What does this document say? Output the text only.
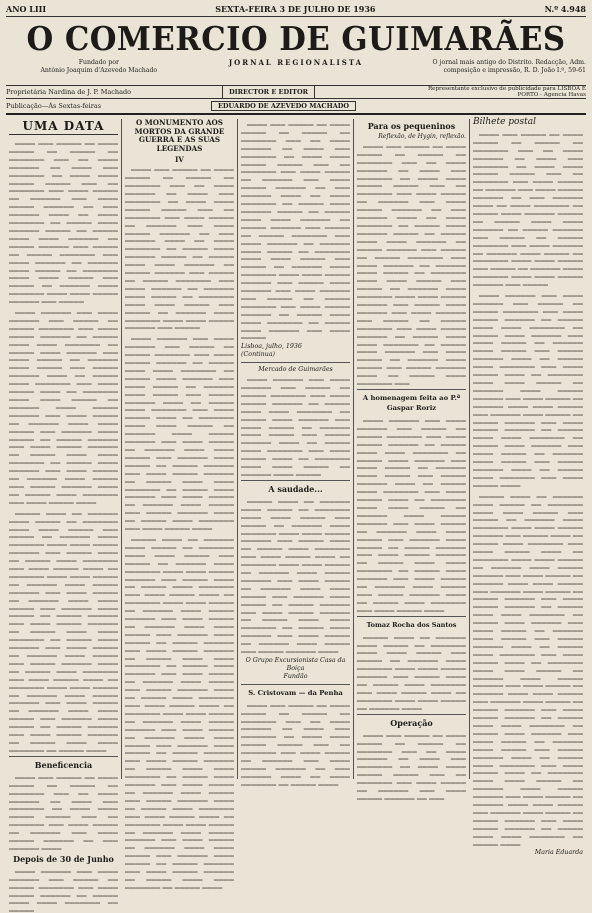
ANO LIII	SEXTA-FEIRA 3 DE JULHO DE 1936	N.º 4.948
O COMERCIO DE GUIMARÃES
Fundado por
António Joaquim d'Azevedo Machado
JORNAL REGIONALISTA	O jornal mais antigo do Distrito. Redacção, Adm. composição e impressão, R. D. João I.º, 59-61
Proprietária Nardina de J. P. Machado	DIRECTOR E EDITOR	Representante exclusivo de publicidade para LISBOA E PORTO - Agencia Havas
Publicação—Ás Sextas-feiras	EDUARDO DE AZEVEDO MACHADO
UMA DATA

▁▁▁▁ ▁▁▁ ▁▁▁▁▁ ▁▁ ▁▁▁▁ ▁▁▁▁▁ ▁▁ ▁▁▁▁▁ ▁▁ ▁▁▁▁▁▁▁ ▁▁▁ ▁▁ ▁▁▁▁ ▁▁▁▁▁▁ ▁▁ ▁▁▁▁ ▁▁▁ ▁▁▁▁▁▁▁ ▁▁ ▁▁▁▁ ▁▁▁▁ ▁▁▁▁▁ ▁▁▁▁▁ ▁▁▁ ▁▁ ▁▁▁▁▁▁▁ ▁▁▁ ▁▁▁▁ ▁▁▁▁▁ ▁▁ ▁▁▁▁▁▁ ▁▁▁ ▁▁▁▁ ▁▁▁▁▁ ▁▁▁▁▁▁ ▁▁ ▁▁▁ ▁▁▁▁▁▁ ▁▁▁▁ ▁▁ ▁▁▁▁ ▁▁▁▁▁▁▁ ▁▁ ▁▁▁▁▁ ▁▁▁▁ ▁▁▁▁▁▁ ▁▁▁▁▁ ▁▁ ▁▁▁▁▁ ▁▁▁▁ ▁▁▁▁ ▁▁▁▁▁▁ ▁▁ ▁▁▁▁▁ ▁▁▁▁▁▁ ▁▁▁ ▁▁▁▁▁ ▁▁ ▁▁▁▁▁ ▁▁▁▁▁▁▁ ▁▁▁ ▁▁▁▁ ▁▁▁▁▁▁ ▁▁ ▁▁▁▁▁▁ ▁▁▁▁ ▁▁▁▁▁ ▁▁ ▁▁▁▁▁▁▁ ▁▁▁▁ ▁▁▁▁ ▁▁▁▁▁ ▁▁▁ ▁▁▁▁▁ ▁▁ ▁▁▁▁▁▁ ▁▁▁▁ ▁▁▁▁▁▁▁ ▁▁▁▁ ▁▁▁▁ ▁▁▁▁▁ ▁▁▁▁▁▁ ▁▁▁ ▁▁▁▁▁

▁▁▁▁ ▁▁▁▁▁▁ ▁▁▁ ▁▁▁▁ ▁▁▁▁▁▁ ▁▁▁ ▁▁▁▁▁ ▁▁ ▁▁▁▁▁ ▁▁▁▁▁▁▁ ▁▁▁ ▁▁▁▁ ▁▁▁▁▁ ▁▁▁▁▁▁ ▁▁ ▁▁▁▁▁ ▁▁▁▁ ▁▁▁▁ ▁▁▁▁▁▁▁ ▁▁ ▁▁▁▁▁ ▁▁▁▁ ▁▁▁▁▁▁ ▁▁▁ ▁▁▁▁ ▁▁▁▁▁ ▁▁ ▁▁▁▁▁▁ ▁▁▁▁ ▁▁▁▁▁ ▁▁▁ ▁▁▁▁▁ ▁▁▁▁▁▁ ▁▁▁▁ ▁▁ ▁▁▁▁▁ ▁▁▁▁ ▁▁▁▁▁▁▁ ▁▁▁ ▁▁▁▁ ▁▁▁▁▁ ▁▁▁▁ ▁▁ ▁▁▁▁▁▁▁ ▁▁▁▁ ▁▁▁▁ ▁▁▁▁▁ ▁▁ ▁▁▁▁▁▁ ▁▁▁▁ ▁▁▁▁▁ ▁▁▁▁▁▁ ▁▁▁ ▁▁▁▁ ▁▁▁▁▁ ▁▁ ▁▁▁▁▁▁ ▁▁▁▁ ▁▁▁▁ ▁▁▁▁▁ ▁▁▁ ▁▁▁▁▁▁ ▁▁▁▁ ▁▁▁▁▁ ▁▁ ▁▁▁▁▁ ▁▁▁▁▁▁ ▁▁▁ ▁▁▁▁ ▁▁▁▁▁ ▁▁▁▁▁▁ ▁▁ ▁▁▁▁▁ ▁▁▁▁ ▁▁▁▁ ▁▁▁▁▁▁▁ ▁▁ ▁▁▁▁▁ ▁▁▁▁ ▁▁▁▁▁▁ ▁▁▁ ▁▁▁▁ ▁▁▁▁▁ ▁▁ ▁▁▁▁▁▁ ▁▁▁▁ ▁▁▁▁▁ ▁▁▁ ▁▁▁▁▁ ▁▁▁▁▁▁ ▁▁▁▁ ▁▁ ▁▁▁▁▁ ▁▁▁▁ ▁▁▁▁▁▁▁ ▁▁▁ ▁▁▁▁ ▁▁▁▁▁ ▁▁▁▁

▁▁▁▁▁ ▁▁▁▁ ▁▁ ▁▁▁▁▁▁ ▁▁▁▁ ▁▁▁▁▁ ▁▁ ▁▁▁▁▁▁▁ ▁▁▁▁ ▁▁▁▁ ▁▁▁▁▁ ▁▁▁ ▁▁▁▁▁ ▁▁ ▁▁▁▁▁▁ ▁▁▁▁ ▁▁▁▁▁▁▁ ▁▁▁▁ ▁▁▁▁ ▁▁▁▁▁ ▁▁▁▁▁▁ ▁▁▁ ▁▁▁▁▁ ▁▁▁▁ ▁▁ ▁▁▁▁▁ ▁▁▁▁ ▁▁▁▁▁▁▁ ▁▁▁ ▁▁▁▁ ▁▁▁▁▁ ▁▁▁▁ ▁▁ ▁▁▁▁▁▁▁ ▁▁▁▁ ▁▁▁▁ ▁▁▁▁▁ ▁▁ ▁▁▁▁▁▁ ▁▁▁▁ ▁▁▁▁▁ ▁▁▁▁▁▁ ▁▁▁ ▁▁▁▁ ▁▁▁▁▁ ▁▁ ▁▁▁▁▁▁ ▁▁▁▁ ▁▁▁▁ ▁▁▁▁▁ ▁▁▁ ▁▁▁▁▁▁ ▁▁▁▁ ▁▁▁▁▁ ▁▁ ▁▁▁▁▁ ▁▁▁▁▁▁ ▁▁▁ ▁▁▁▁ ▁▁▁▁▁ ▁▁▁▁▁▁ ▁▁ ▁▁▁▁▁ ▁▁▁▁ ▁▁▁▁ ▁▁▁▁▁▁▁ ▁▁ ▁▁▁▁▁ ▁▁▁▁ ▁▁▁▁▁▁ ▁▁▁ ▁▁▁▁ ▁▁▁▁▁ ▁▁ ▁▁▁▁▁▁ ▁▁▁▁ ▁▁▁▁▁ ▁▁▁ ▁▁▁▁▁ ▁▁▁▁▁▁ ▁▁▁▁ ▁▁ ▁▁▁▁▁ ▁▁▁▁ ▁▁▁▁▁▁▁ ▁▁▁ ▁▁▁▁ ▁▁▁▁▁ ▁▁▁▁ ▁▁ ▁▁▁▁▁▁▁ ▁▁▁▁ ▁▁▁▁ ▁▁▁▁▁ ▁▁ ▁▁▁▁▁▁ ▁▁▁▁ ▁▁▁▁▁ ▁▁▁▁▁▁ ▁▁▁ ▁▁▁▁ ▁▁▁▁▁ ▁▁ ▁▁▁▁▁▁ ▁▁▁▁ ▁▁▁▁ ▁▁▁▁▁ ▁▁▁ ▁▁▁▁▁▁ ▁▁▁▁ ▁▁▁▁▁ ▁▁ ▁▁▁▁▁ ▁▁▁▁▁▁ ▁▁▁ ▁▁▁▁ ▁▁▁▁▁ ▁▁▁▁▁▁ ▁▁ ▁▁▁▁▁ ▁▁▁▁ ▁▁▁▁ ▁▁▁▁▁▁▁ ▁▁ ▁▁▁▁▁ ▁▁▁▁

Beneficencia

▁▁▁▁ ▁▁▁ ▁▁▁▁▁ ▁▁ ▁▁▁▁ ▁▁▁▁▁ ▁▁ ▁▁▁▁▁ ▁▁ ▁▁▁▁▁▁▁ ▁▁▁ ▁▁ ▁▁▁▁ ▁▁▁▁▁▁ ▁▁ ▁▁▁▁ ▁▁▁ ▁▁▁▁▁▁▁ ▁▁ ▁▁▁▁ ▁▁▁▁ ▁▁▁▁▁ ▁▁▁▁▁ ▁▁▁ ▁▁ ▁▁▁▁▁▁▁ ▁▁▁ ▁▁▁▁ ▁▁▁▁▁ ▁▁ ▁▁▁▁▁▁ ▁▁▁ ▁▁▁▁ ▁▁▁▁▁ ▁▁▁▁▁▁ ▁▁ ▁▁▁ ▁▁▁▁▁▁ ▁▁▁▁

Depois de 30 de Junho

▁▁▁▁ ▁▁▁▁▁▁ ▁▁▁ ▁▁▁▁ ▁▁▁▁▁▁ ▁▁▁ ▁▁▁▁▁ ▁▁ ▁▁▁▁▁ ▁▁▁▁▁▁▁ ▁▁▁ ▁▁▁▁ ▁▁▁▁▁ ▁▁▁▁▁▁ ▁▁ ▁▁▁▁▁ ▁▁▁▁ ▁▁▁▁ ▁▁▁▁▁▁▁ ▁▁ ▁▁▁▁▁

O MONUMENTO AOS MORTOS DA GRANDE GUERRA E AS SUAS LEGENDAS
IV

▁▁▁▁ ▁▁▁ ▁▁▁▁▁ ▁▁ ▁▁▁▁ ▁▁▁▁▁ ▁▁ ▁▁▁▁▁ ▁▁ ▁▁▁▁▁▁▁ ▁▁▁ ▁▁ ▁▁▁▁ ▁▁▁▁▁▁ ▁▁ ▁▁▁▁ ▁▁▁ ▁▁▁▁▁▁▁ ▁▁ ▁▁▁▁ ▁▁▁▁ ▁▁▁▁▁ ▁▁▁▁▁ ▁▁▁ ▁▁ ▁▁▁▁▁▁▁ ▁▁▁ ▁▁▁▁ ▁▁▁▁▁ ▁▁ ▁▁▁▁▁▁ ▁▁▁ ▁▁▁▁ ▁▁▁▁▁ ▁▁▁▁▁▁ ▁▁ ▁▁▁ ▁▁▁▁▁▁ ▁▁▁▁ ▁▁ ▁▁▁▁ ▁▁▁▁▁▁▁ ▁▁ ▁▁▁▁▁ ▁▁▁▁ ▁▁▁▁▁▁ ▁▁▁▁▁ ▁▁ ▁▁▁▁▁ ▁▁▁▁ ▁▁▁▁ ▁▁▁▁▁▁ ▁▁ ▁▁▁▁▁ ▁▁▁▁▁▁ ▁▁▁ ▁▁▁▁▁ ▁▁ ▁▁▁▁▁ ▁▁▁▁▁▁▁ ▁▁▁ ▁▁▁▁ ▁▁▁▁▁▁ ▁▁ ▁▁▁▁▁▁ ▁▁▁▁ ▁▁▁▁▁ ▁▁ ▁▁▁▁▁▁▁ ▁▁▁▁ ▁▁▁▁ ▁▁▁▁▁ ▁▁▁ ▁▁▁▁▁ ▁▁ ▁▁▁▁▁▁ ▁▁▁▁ ▁▁▁▁▁▁▁ ▁▁▁▁ ▁▁▁▁ ▁▁▁▁▁ ▁▁▁▁▁▁ ▁▁▁ ▁▁▁▁▁

▁▁▁▁ ▁▁▁▁▁▁ ▁▁▁ ▁▁▁▁ ▁▁▁▁▁▁ ▁▁▁ ▁▁▁▁▁ ▁▁ ▁▁▁▁▁ ▁▁▁▁▁▁▁ ▁▁▁ ▁▁▁▁ ▁▁▁▁▁ ▁▁▁▁▁▁ ▁▁ ▁▁▁▁▁ ▁▁▁▁ ▁▁▁▁ ▁▁▁▁▁▁▁ ▁▁ ▁▁▁▁▁ ▁▁▁▁ ▁▁▁▁▁▁ ▁▁▁ ▁▁▁▁ ▁▁▁▁▁ ▁▁ ▁▁▁▁▁▁ ▁▁▁▁ ▁▁▁▁▁ ▁▁▁ ▁▁▁▁▁ ▁▁▁▁▁▁ ▁▁▁▁ ▁▁ ▁▁▁▁▁ ▁▁▁▁ ▁▁▁▁▁▁▁ ▁▁▁ ▁▁▁▁ ▁▁▁▁▁ ▁▁▁▁ ▁▁ ▁▁▁▁▁▁▁ ▁▁▁▁ ▁▁▁▁ ▁▁▁▁▁ ▁▁ ▁▁▁▁▁▁ ▁▁▁▁ ▁▁▁▁▁ ▁▁▁▁▁▁ ▁▁▁ ▁▁▁▁ ▁▁▁▁▁ ▁▁ ▁▁▁▁▁▁ ▁▁▁▁ ▁▁▁▁ ▁▁▁▁▁ ▁▁▁ ▁▁▁▁▁▁ ▁▁▁▁ ▁▁▁▁▁ ▁▁ ▁▁▁▁▁ ▁▁▁▁▁▁ ▁▁▁ ▁▁▁▁ ▁▁▁▁▁ ▁▁▁▁▁▁ ▁▁ ▁▁▁▁▁ ▁▁▁▁ ▁▁▁▁ ▁▁▁▁▁▁▁ ▁▁ ▁▁▁▁▁ ▁▁▁▁ ▁▁▁▁▁▁ ▁▁▁ ▁▁▁▁ ▁▁▁▁▁ ▁▁ ▁▁▁▁▁▁ ▁▁▁▁ ▁▁▁▁▁ ▁▁▁ ▁▁▁▁▁ ▁▁▁▁▁▁ ▁▁▁▁ ▁▁ ▁▁▁▁▁ ▁▁▁▁ ▁▁▁▁▁▁▁ ▁▁▁ ▁▁▁▁ ▁▁▁▁▁ ▁▁▁▁

▁▁▁▁▁ ▁▁▁▁ ▁▁ ▁▁▁▁▁▁ ▁▁▁▁ ▁▁▁▁▁ ▁▁ ▁▁▁▁▁▁▁ ▁▁▁▁ ▁▁▁▁ ▁▁▁▁▁ ▁▁▁ ▁▁▁▁▁ ▁▁ ▁▁▁▁▁▁ ▁▁▁▁ ▁▁▁▁▁▁▁ ▁▁▁▁ ▁▁▁▁ ▁▁▁▁▁ ▁▁▁▁▁▁ ▁▁▁ ▁▁▁▁▁ ▁▁▁▁ ▁▁ ▁▁▁▁▁ ▁▁▁▁ ▁▁▁▁▁▁▁ ▁▁▁ ▁▁▁▁ ▁▁▁▁▁ ▁▁▁▁ ▁▁ ▁▁▁▁▁▁▁ ▁▁▁▁ ▁▁▁▁ ▁▁▁▁▁ ▁▁ ▁▁▁▁▁▁ ▁▁▁▁ ▁▁▁▁▁ ▁▁▁▁▁▁ ▁▁▁ ▁▁▁▁ ▁▁▁▁▁ ▁▁ ▁▁▁▁▁▁ ▁▁▁▁ ▁▁▁▁ ▁▁▁▁▁ ▁▁▁ ▁▁▁▁▁▁ ▁▁▁▁ ▁▁▁▁▁ ▁▁ ▁▁▁▁▁ ▁▁▁▁▁▁ ▁▁▁ ▁▁▁▁ ▁▁▁▁▁ ▁▁▁▁▁▁ ▁▁ ▁▁▁▁▁ ▁▁▁▁ ▁▁▁▁ ▁▁▁▁▁▁▁ ▁▁ ▁▁▁▁▁ ▁▁▁▁ ▁▁▁▁▁▁ ▁▁▁ ▁▁▁▁ ▁▁▁▁▁ ▁▁ ▁▁▁▁▁▁ ▁▁▁▁ ▁▁▁▁▁ ▁▁▁ ▁▁▁▁▁ ▁▁▁▁▁▁ ▁▁▁▁ ▁▁ ▁▁▁▁▁ ▁▁▁▁ ▁▁▁▁▁▁▁ ▁▁▁ ▁▁▁▁ ▁▁▁▁▁ ▁▁▁▁ ▁▁ ▁▁▁▁▁▁▁ ▁▁▁▁ ▁▁▁▁ ▁▁▁▁▁ ▁▁ ▁▁▁▁▁▁ ▁▁▁▁ ▁▁▁▁▁ ▁▁▁▁▁▁ ▁▁▁ ▁▁▁▁ ▁▁▁▁▁ ▁▁ ▁▁▁▁▁▁ ▁▁▁▁ ▁▁▁▁ ▁▁▁▁▁ ▁▁▁ ▁▁▁▁▁▁ ▁▁▁▁ ▁▁▁▁▁ ▁▁ ▁▁▁▁▁ ▁▁▁▁▁▁ ▁▁▁ ▁▁▁▁ ▁▁▁▁▁ ▁▁▁▁▁▁ ▁▁ ▁▁▁▁▁ ▁▁▁▁ ▁▁▁▁ ▁▁▁▁▁▁▁ ▁▁ ▁▁▁▁▁ ▁▁▁▁ ▁▁▁▁▁▁ ▁▁▁ ▁▁▁▁ ▁▁▁▁▁ ▁▁ ▁▁▁▁▁▁ ▁▁▁▁ ▁▁▁▁▁ ▁▁▁ ▁▁▁▁▁ ▁▁▁▁▁▁ ▁▁▁▁ ▁▁ ▁▁▁▁▁ ▁▁▁▁ ▁▁▁▁▁▁▁ ▁▁▁ ▁▁▁▁ ▁▁▁▁▁ ▁▁▁▁ ▁▁ ▁▁▁▁▁▁▁ ▁▁▁▁ ▁▁▁▁ ▁▁▁▁▁ ▁▁ ▁▁▁▁▁▁ ▁▁▁▁ ▁▁▁▁▁ ▁▁▁▁▁▁ ▁▁▁ ▁▁▁▁ ▁▁▁▁▁ ▁▁ ▁▁▁▁▁▁ ▁▁▁▁ ▁▁▁▁ ▁▁▁▁▁ ▁▁▁ ▁▁▁▁▁▁ ▁▁▁▁ ▁▁▁▁▁ ▁▁ ▁▁▁▁▁ ▁▁▁▁▁▁ ▁▁▁ ▁▁▁▁ ▁▁▁▁▁ ▁▁▁▁▁▁ ▁▁ ▁▁▁▁▁ ▁▁▁▁ ▁▁▁▁ ▁▁▁▁▁▁▁ ▁▁ ▁▁▁▁▁ ▁▁▁▁

▁▁▁▁ ▁▁▁ ▁▁▁▁▁ ▁▁ ▁▁▁▁ ▁▁▁▁▁ ▁▁ ▁▁▁▁▁ ▁▁ ▁▁▁▁▁▁▁ ▁▁▁ ▁▁ ▁▁▁▁ ▁▁▁▁▁▁ ▁▁ ▁▁▁▁ ▁▁▁ ▁▁▁▁▁▁▁ ▁▁ ▁▁▁▁ ▁▁▁▁ ▁▁▁▁▁ ▁▁▁▁▁ ▁▁▁ ▁▁ ▁▁▁▁▁▁▁ ▁▁▁ ▁▁▁▁ ▁▁▁▁▁ ▁▁ ▁▁▁▁▁▁ ▁▁▁ ▁▁▁▁ ▁▁▁▁▁ ▁▁▁▁▁▁ ▁▁ ▁▁▁ ▁▁▁▁▁▁ ▁▁▁▁ ▁▁ ▁▁▁▁ ▁▁▁▁▁▁▁ ▁▁ ▁▁▁▁▁ ▁▁▁▁ ▁▁▁▁▁▁ ▁▁▁▁▁ ▁▁ ▁▁▁▁▁ ▁▁▁▁ ▁▁▁▁ ▁▁▁▁▁▁ ▁▁ ▁▁▁▁▁ ▁▁▁▁▁▁ ▁▁▁ ▁▁▁▁▁ ▁▁ ▁▁▁▁▁ ▁▁▁▁▁▁▁ ▁▁▁ ▁▁▁▁ ▁▁▁▁▁▁ ▁▁ ▁▁▁▁▁▁ ▁▁▁▁ ▁▁▁▁▁ ▁▁ ▁▁▁▁▁▁▁ ▁▁▁▁ ▁▁▁▁ ▁▁▁▁▁ ▁▁▁ ▁▁▁▁▁ ▁▁ ▁▁▁▁▁▁ ▁▁▁▁ ▁▁▁▁▁▁▁ ▁▁▁▁ ▁▁▁▁ ▁▁▁▁▁ ▁▁▁▁▁▁ ▁▁▁ ▁▁▁▁▁ ▁▁▁▁ ▁▁▁▁▁▁ ▁▁▁ ▁▁▁▁ ▁▁▁▁▁▁ ▁▁▁ ▁▁▁▁▁ ▁▁ ▁▁▁▁▁ ▁▁▁▁▁▁▁ ▁▁▁ ▁▁▁▁ ▁▁▁▁▁ ▁▁▁▁▁▁ ▁▁ ▁▁▁▁▁ ▁▁▁▁ ▁▁▁▁ ▁▁▁▁▁▁▁ ▁▁ ▁▁▁▁▁ ▁▁▁▁ ▁▁▁▁▁▁ ▁▁▁ ▁▁▁▁ ▁▁▁▁▁

Lisboa, julho, 1936
(Continua)
Mercado de Guimarães

▁▁▁▁ ▁▁▁▁▁▁ ▁▁▁ ▁▁▁▁ ▁▁▁▁▁▁ ▁▁▁ ▁▁▁▁▁ ▁▁ ▁▁▁▁▁ ▁▁▁▁▁▁▁ ▁▁▁ ▁▁▁▁ ▁▁▁▁▁ ▁▁▁▁▁▁ ▁▁ ▁▁▁▁▁ ▁▁▁▁ ▁▁▁▁ ▁▁▁▁▁▁▁ ▁▁ ▁▁▁▁▁ ▁▁▁▁ ▁▁▁▁▁▁ ▁▁▁ ▁▁▁▁ ▁▁▁▁▁ ▁▁ ▁▁▁▁▁▁ ▁▁▁▁ ▁▁▁▁▁ ▁▁▁ ▁▁▁▁▁ ▁▁▁▁▁▁ ▁▁▁▁ ▁▁ ▁▁▁▁▁ ▁▁▁▁ ▁▁▁▁▁▁▁ ▁▁▁ ▁▁▁▁ ▁▁▁▁▁ ▁▁▁▁ ▁▁ ▁▁▁▁▁▁▁ ▁▁▁▁ ▁▁▁▁ ▁▁▁▁▁ ▁▁ ▁▁▁▁▁▁ ▁▁▁▁ ▁▁▁▁▁

A saudade...

▁▁▁▁▁ ▁▁▁▁ ▁▁ ▁▁▁▁▁▁ ▁▁▁▁ ▁▁▁▁▁ ▁▁ ▁▁▁▁▁▁▁ ▁▁▁▁ ▁▁▁▁ ▁▁▁▁▁ ▁▁▁ ▁▁▁▁▁ ▁▁ ▁▁▁▁▁▁ ▁▁▁▁ ▁▁▁▁▁▁▁ ▁▁▁▁ ▁▁▁▁ ▁▁▁▁▁ ▁▁▁▁▁▁ ▁▁▁ ▁▁▁▁▁ ▁▁▁▁ ▁▁ ▁▁▁▁▁ ▁▁▁▁ ▁▁▁▁▁▁▁ ▁▁▁ ▁▁▁▁ ▁▁▁▁▁ ▁▁▁▁ ▁▁ ▁▁▁▁▁▁▁ ▁▁▁▁ ▁▁▁▁ ▁▁▁▁▁ ▁▁ ▁▁▁▁▁▁ ▁▁▁▁ ▁▁▁▁▁ ▁▁▁▁▁▁ ▁▁▁ ▁▁▁▁ ▁▁▁▁▁ ▁▁ ▁▁▁▁▁▁ ▁▁▁▁ ▁▁▁▁ ▁▁▁▁▁ ▁▁▁ ▁▁▁▁▁▁ ▁▁▁▁ ▁▁▁▁▁ ▁▁ ▁▁▁▁▁ ▁▁▁▁▁▁ ▁▁▁ ▁▁▁▁ ▁▁▁▁▁ ▁▁▁▁▁▁ ▁▁ ▁▁▁▁▁ ▁▁▁▁ ▁▁▁▁ ▁▁▁▁▁▁▁ ▁▁ ▁▁▁▁▁ ▁▁▁▁ ▁▁▁▁▁▁ ▁▁▁ ▁▁▁▁ ▁▁▁▁▁ ▁▁ ▁▁▁▁▁▁ ▁▁▁▁ ▁▁▁▁▁ ▁▁▁ ▁▁▁▁▁ ▁▁▁▁▁▁ ▁▁▁▁

O Grupo Excursionista Casa da Boiça
Fundão
S. Cristovam — da Penha

▁▁▁▁ ▁▁▁ ▁▁▁▁▁ ▁▁ ▁▁▁▁ ▁▁▁▁▁ ▁▁ ▁▁▁▁▁ ▁▁ ▁▁▁▁▁▁▁ ▁▁▁ ▁▁ ▁▁▁▁ ▁▁▁▁▁▁ ▁▁ ▁▁▁▁ ▁▁▁ ▁▁▁▁▁▁▁ ▁▁ ▁▁▁▁ ▁▁▁▁ ▁▁▁▁▁ ▁▁▁▁▁ ▁▁▁ ▁▁ ▁▁▁▁▁▁▁ ▁▁▁ ▁▁▁▁ ▁▁▁▁▁ ▁▁ ▁▁▁▁▁▁ ▁▁▁ ▁▁▁▁ ▁▁▁▁▁ ▁▁▁▁▁▁ ▁▁ ▁▁▁ ▁▁▁▁▁▁ ▁▁▁▁ ▁▁ ▁▁▁▁ ▁▁▁▁▁▁▁ ▁▁ ▁▁▁▁▁ ▁▁▁▁

Para os pequeninos
Reflexão, de Hygin, reflexão.

▁▁▁▁ ▁▁▁ ▁▁▁▁▁ ▁▁ ▁▁▁▁ ▁▁▁▁▁ ▁▁ ▁▁▁▁▁ ▁▁ ▁▁▁▁▁▁▁ ▁▁▁ ▁▁ ▁▁▁▁ ▁▁▁▁▁▁ ▁▁ ▁▁▁▁ ▁▁▁ ▁▁▁▁▁▁▁ ▁▁ ▁▁▁▁ ▁▁▁▁ ▁▁▁▁▁ ▁▁▁▁▁ ▁▁▁ ▁▁ ▁▁▁▁▁▁▁ ▁▁▁ ▁▁▁▁ ▁▁▁▁▁ ▁▁ ▁▁▁▁▁▁ ▁▁▁ ▁▁▁▁ ▁▁▁▁▁ ▁▁▁▁▁▁ ▁▁ ▁▁▁ ▁▁▁▁▁▁ ▁▁▁▁ ▁▁ ▁▁▁▁ ▁▁▁▁▁▁▁ ▁▁ ▁▁▁▁▁ ▁▁▁▁ ▁▁▁▁▁▁ ▁▁▁▁▁ ▁▁ ▁▁▁▁▁ ▁▁▁▁ ▁▁▁▁ ▁▁▁▁▁▁ ▁▁ ▁▁▁▁▁ ▁▁▁▁▁▁ ▁▁▁ ▁▁▁▁▁ ▁▁ ▁▁▁▁▁ ▁▁▁▁▁▁▁ ▁▁▁ ▁▁▁▁ ▁▁▁▁▁▁ ▁▁ ▁▁▁▁▁▁ ▁▁▁▁ ▁▁▁▁▁ ▁▁ ▁▁▁▁▁▁▁ ▁▁▁▁ ▁▁▁▁ ▁▁▁▁▁ ▁▁▁ ▁▁▁▁▁ ▁▁ ▁▁▁▁▁▁ ▁▁▁▁ ▁▁▁▁▁▁▁ ▁▁▁▁ ▁▁▁▁ ▁▁▁▁▁ ▁▁▁▁▁▁ ▁▁▁ ▁▁▁▁▁ ▁▁▁▁ ▁▁▁▁▁▁ ▁▁▁ ▁▁▁▁ ▁▁▁▁▁▁ ▁▁▁ ▁▁▁▁▁ ▁▁ ▁▁▁▁▁ ▁▁▁▁▁▁▁ ▁▁▁ ▁▁▁▁ ▁▁▁▁▁ ▁▁▁▁▁▁ ▁▁ ▁▁▁▁▁ ▁▁▁▁ ▁▁▁▁ ▁▁▁▁▁▁▁ ▁▁ ▁▁▁▁▁ ▁▁▁▁ ▁▁▁▁▁▁ ▁▁▁ ▁▁▁▁ ▁▁▁▁▁ ▁▁ ▁▁▁▁▁▁ ▁▁▁▁ ▁▁▁▁▁ ▁▁▁ ▁▁▁▁▁ ▁▁▁▁▁▁ ▁▁▁▁ ▁▁ ▁▁▁▁▁ ▁▁▁▁ ▁▁▁▁▁▁▁ ▁▁▁

A homenagem feita ao P.ª Gaspar Roriz

▁▁▁▁ ▁▁▁▁▁▁ ▁▁▁ ▁▁▁▁ ▁▁▁▁▁▁ ▁▁▁ ▁▁▁▁▁ ▁▁ ▁▁▁▁▁ ▁▁▁▁▁▁▁ ▁▁▁ ▁▁▁▁ ▁▁▁▁▁ ▁▁▁▁▁▁ ▁▁ ▁▁▁▁▁ ▁▁▁▁ ▁▁▁▁ ▁▁▁▁▁▁▁ ▁▁ ▁▁▁▁▁ ▁▁▁▁ ▁▁▁▁▁▁ ▁▁▁ ▁▁▁▁ ▁▁▁▁▁ ▁▁ ▁▁▁▁▁▁ ▁▁▁▁ ▁▁▁▁▁ ▁▁▁ ▁▁▁▁▁ ▁▁▁▁▁▁ ▁▁▁▁ ▁▁ ▁▁▁▁▁ ▁▁▁▁ ▁▁▁▁▁▁▁ ▁▁▁ ▁▁▁▁ ▁▁▁▁▁ ▁▁▁▁ ▁▁ ▁▁▁▁▁▁▁ ▁▁▁▁ ▁▁▁▁ ▁▁▁▁▁ ▁▁ ▁▁▁▁▁▁ ▁▁▁▁ ▁▁▁▁▁ ▁▁▁▁▁▁ ▁▁▁ ▁▁▁▁ ▁▁▁▁▁ ▁▁ ▁▁▁▁▁▁ ▁▁▁▁ ▁▁▁▁ ▁▁▁▁▁ ▁▁▁ ▁▁▁▁▁▁ ▁▁▁▁ ▁▁▁▁▁ ▁▁ ▁▁▁▁▁ ▁▁▁▁▁▁ ▁▁▁ ▁▁▁▁ ▁▁▁▁▁ ▁▁▁▁▁▁ ▁▁ ▁▁▁▁▁ ▁▁▁▁ ▁▁▁▁ ▁▁▁▁▁▁▁ ▁▁ ▁▁▁▁▁ ▁▁▁▁ ▁▁▁▁▁▁ ▁▁▁ ▁▁▁▁ ▁▁▁▁▁ ▁▁ ▁▁▁▁▁▁ ▁▁▁▁ ▁▁▁▁▁ ▁▁▁ ▁▁▁▁▁ ▁▁▁▁▁▁ ▁▁▁▁ ▁▁ ▁▁▁▁▁ ▁▁▁▁ ▁▁▁▁▁▁▁ ▁▁▁ ▁▁▁▁ ▁▁▁▁▁ ▁▁▁▁

Tomaz Rocha dos Santos

▁▁▁▁▁ ▁▁▁▁ ▁▁ ▁▁▁▁▁▁ ▁▁▁▁ ▁▁▁▁▁ ▁▁ ▁▁▁▁▁▁▁ ▁▁▁▁ ▁▁▁▁ ▁▁▁▁▁ ▁▁▁ ▁▁▁▁▁ ▁▁ ▁▁▁▁▁▁ ▁▁▁▁ ▁▁▁▁▁▁▁ ▁▁▁▁ ▁▁▁▁ ▁▁▁▁▁ ▁▁▁▁▁▁ ▁▁▁ ▁▁▁▁▁ ▁▁▁▁ ▁▁ ▁▁▁▁▁ ▁▁▁▁ ▁▁▁▁▁▁▁ ▁▁▁ ▁▁▁▁ ▁▁▁▁▁ ▁▁▁▁ ▁▁ ▁▁▁▁▁▁▁ ▁▁▁▁ ▁▁▁▁ ▁▁▁▁▁ ▁▁ ▁▁▁▁▁▁ ▁▁▁▁

Operação

▁▁▁▁ ▁▁▁ ▁▁▁▁▁ ▁▁ ▁▁▁▁ ▁▁▁▁▁ ▁▁ ▁▁▁▁▁ ▁▁ ▁▁▁▁▁▁▁ ▁▁▁ ▁▁ ▁▁▁▁ ▁▁▁▁▁▁ ▁▁ ▁▁▁▁ ▁▁▁ ▁▁▁▁▁▁▁ ▁▁ ▁▁▁▁ ▁▁▁▁ ▁▁▁▁▁ ▁▁▁▁▁ ▁▁▁ ▁▁ ▁▁▁▁▁▁▁ ▁▁▁ ▁▁▁▁ ▁▁▁▁▁ ▁▁ ▁▁▁▁▁▁ ▁▁▁ ▁▁▁▁ ▁▁▁▁▁ ▁▁▁▁▁▁ ▁▁ ▁▁▁

Bilhete postal

▁▁▁▁ ▁▁▁ ▁▁▁▁▁ ▁▁ ▁▁▁▁ ▁▁▁▁▁ ▁▁ ▁▁▁▁▁ ▁▁ ▁▁▁▁▁▁▁ ▁▁▁ ▁▁ ▁▁▁▁ ▁▁▁▁▁▁ ▁▁ ▁▁▁▁ ▁▁▁ ▁▁▁▁▁▁▁ ▁▁ ▁▁▁▁ ▁▁▁▁ ▁▁▁▁▁ ▁▁▁▁▁ ▁▁▁ ▁▁ ▁▁▁▁▁▁▁ ▁▁▁ ▁▁▁▁ ▁▁▁▁▁ ▁▁ ▁▁▁▁▁▁ ▁▁▁ ▁▁▁▁ ▁▁▁▁▁ ▁▁▁▁▁▁ ▁▁ ▁▁▁ ▁▁▁▁▁▁ ▁▁▁▁ ▁▁ ▁▁▁▁ ▁▁▁▁▁▁▁ ▁▁ ▁▁▁▁▁ ▁▁▁▁ ▁▁▁▁▁▁ ▁▁▁▁▁ ▁▁ ▁▁▁▁▁ ▁▁▁▁ ▁▁▁▁ ▁▁▁▁▁▁ ▁▁ ▁▁▁▁▁ ▁▁▁▁▁▁ ▁▁▁ ▁▁▁▁▁ ▁▁ ▁▁▁▁▁ ▁▁▁▁▁▁▁ ▁▁▁ ▁▁▁▁ ▁▁▁▁▁▁ ▁▁ ▁▁▁▁▁▁ ▁▁▁▁ ▁▁▁▁▁ ▁▁ ▁▁▁▁▁▁▁ ▁▁▁▁ ▁▁▁▁ ▁▁▁▁▁ ▁▁▁ ▁▁▁▁▁ ▁▁ ▁▁▁▁▁▁ ▁▁▁▁ ▁▁▁▁▁▁▁ ▁▁▁▁ ▁▁▁▁ ▁▁▁▁▁ ▁▁▁▁▁▁ ▁▁▁ ▁▁▁▁▁

▁▁▁▁ ▁▁▁▁▁▁ ▁▁▁ ▁▁▁▁ ▁▁▁▁▁▁ ▁▁▁ ▁▁▁▁▁ ▁▁ ▁▁▁▁▁ ▁▁▁▁▁▁▁ ▁▁▁ ▁▁▁▁ ▁▁▁▁▁ ▁▁▁▁▁▁ ▁▁ ▁▁▁▁▁ ▁▁▁▁ ▁▁▁▁ ▁▁▁▁▁▁▁ ▁▁ ▁▁▁▁▁ ▁▁▁▁ ▁▁▁▁▁▁ ▁▁▁ ▁▁▁▁ ▁▁▁▁▁ ▁▁ ▁▁▁▁▁▁ ▁▁▁▁ ▁▁▁▁▁ ▁▁▁ ▁▁▁▁▁ ▁▁▁▁▁▁ ▁▁▁▁ ▁▁ ▁▁▁▁▁ ▁▁▁▁ ▁▁▁▁▁▁▁ ▁▁▁ ▁▁▁▁ ▁▁▁▁▁ ▁▁▁▁ ▁▁ ▁▁▁▁▁▁▁ ▁▁▁▁ ▁▁▁▁ ▁▁▁▁▁ ▁▁ ▁▁▁▁▁▁ ▁▁▁▁ ▁▁▁▁▁ ▁▁▁▁▁▁ ▁▁▁ ▁▁▁▁ ▁▁▁▁▁ ▁▁ ▁▁▁▁▁▁ ▁▁▁▁ ▁▁▁▁ ▁▁▁▁▁ ▁▁▁ ▁▁▁▁▁▁ ▁▁▁▁ ▁▁▁▁▁ ▁▁ ▁▁▁▁▁ ▁▁▁▁▁▁ ▁▁▁ ▁▁▁▁ ▁▁▁▁▁ ▁▁▁▁▁▁ ▁▁ ▁▁▁▁▁ ▁▁▁▁ ▁▁▁▁ ▁▁▁▁▁▁▁ ▁▁ ▁▁▁▁▁ ▁▁▁▁ ▁▁▁▁▁▁ ▁▁▁ ▁▁▁▁ ▁▁▁▁▁ ▁▁ ▁▁▁▁▁▁ ▁▁▁▁ ▁▁▁▁▁ ▁▁▁ ▁▁▁▁▁ ▁▁▁▁▁▁ ▁▁▁▁ ▁▁ ▁▁▁▁▁ ▁▁▁▁ ▁▁▁▁▁▁▁ ▁▁▁ ▁▁▁▁ ▁▁▁▁▁ ▁▁▁▁

▁▁▁▁▁ ▁▁▁▁ ▁▁ ▁▁▁▁▁▁ ▁▁▁▁ ▁▁▁▁▁ ▁▁ ▁▁▁▁▁▁▁ ▁▁▁▁ ▁▁▁▁ ▁▁▁▁▁ ▁▁▁ ▁▁▁▁▁ ▁▁ ▁▁▁▁▁▁ ▁▁▁▁ ▁▁▁▁▁▁▁ ▁▁▁▁ ▁▁▁▁ ▁▁▁▁▁ ▁▁▁▁▁▁ ▁▁▁ ▁▁▁▁▁ ▁▁▁▁ ▁▁ ▁▁▁▁▁ ▁▁▁▁ ▁▁▁▁▁▁▁ ▁▁▁ ▁▁▁▁ ▁▁▁▁▁ ▁▁▁▁ ▁▁ ▁▁▁▁▁▁▁ ▁▁▁▁ ▁▁▁▁ ▁▁▁▁▁ ▁▁ ▁▁▁▁▁▁ ▁▁▁▁ ▁▁▁▁▁ ▁▁▁▁▁▁ ▁▁▁ ▁▁▁▁ ▁▁▁▁▁ ▁▁ ▁▁▁▁▁▁ ▁▁▁▁ ▁▁▁▁ ▁▁▁▁▁ ▁▁▁ ▁▁▁▁▁▁ ▁▁▁▁ ▁▁▁▁▁ ▁▁ ▁▁▁▁▁ ▁▁▁▁▁▁ ▁▁▁ ▁▁▁▁ ▁▁▁▁▁ ▁▁▁▁▁▁ ▁▁ ▁▁▁▁▁ ▁▁▁▁ ▁▁▁▁ ▁▁▁▁▁▁▁ ▁▁ ▁▁▁▁▁ ▁▁▁▁ ▁▁▁▁▁▁ ▁▁▁ ▁▁▁▁ ▁▁▁▁▁ ▁▁ ▁▁▁▁▁▁ ▁▁▁▁ ▁▁▁▁▁ ▁▁▁ ▁▁▁▁▁ ▁▁▁▁▁▁ ▁▁▁▁ ▁▁ ▁▁▁▁▁ ▁▁▁▁ ▁▁▁▁▁▁▁ ▁▁▁ ▁▁▁▁ ▁▁▁▁▁ ▁▁▁▁ ▁▁ ▁▁▁▁▁▁▁ ▁▁▁▁ ▁▁▁▁ ▁▁▁▁▁ ▁▁ ▁▁▁▁▁▁ ▁▁▁▁ ▁▁▁▁▁ ▁▁▁▁▁▁ ▁▁▁ ▁▁▁▁ ▁▁▁▁▁ ▁▁ ▁▁▁▁▁▁ ▁▁▁▁ ▁▁▁▁ ▁▁▁▁▁ ▁▁▁ ▁▁▁▁▁▁ ▁▁▁▁ ▁▁▁▁▁ ▁▁ ▁▁▁▁▁ ▁▁▁▁▁▁ ▁▁▁ ▁▁▁▁ ▁▁▁▁▁ ▁▁▁▁▁▁ ▁▁ ▁▁▁▁▁ ▁▁▁▁ ▁▁▁▁ ▁▁▁▁▁▁▁ ▁▁ ▁▁▁▁▁ ▁▁▁▁ ▁▁▁▁▁▁ ▁▁▁ ▁▁▁▁ ▁▁▁▁▁ ▁▁ ▁▁▁▁▁▁ ▁▁▁▁ ▁▁▁▁▁ ▁▁▁ ▁▁▁▁▁ ▁▁▁▁▁▁ ▁▁▁▁ ▁▁ ▁▁▁▁▁ ▁▁▁▁ ▁▁▁▁▁▁▁ ▁▁▁ ▁▁▁▁ ▁▁▁▁▁ ▁▁▁▁ ▁▁ ▁▁▁▁▁▁▁ ▁▁▁▁ ▁▁▁▁ ▁▁▁▁▁ ▁▁ ▁▁▁▁▁▁ ▁▁▁▁ ▁▁▁▁▁ ▁▁▁▁▁▁ ▁▁▁ ▁▁▁▁ ▁▁▁▁▁ ▁▁ ▁▁▁▁▁▁ ▁▁▁▁ ▁▁▁▁ ▁▁▁▁▁ ▁▁▁ ▁▁▁▁▁▁ ▁▁▁▁ ▁▁▁▁▁ ▁▁ ▁▁▁▁▁ ▁▁▁▁▁▁ ▁▁▁ ▁▁▁▁ ▁▁▁▁▁ ▁▁▁▁▁▁ ▁▁ ▁▁▁▁▁ ▁▁▁▁ ▁▁▁▁ ▁▁▁▁▁▁▁ ▁▁ ▁▁▁▁▁ ▁▁▁▁

Maria Eduarda
